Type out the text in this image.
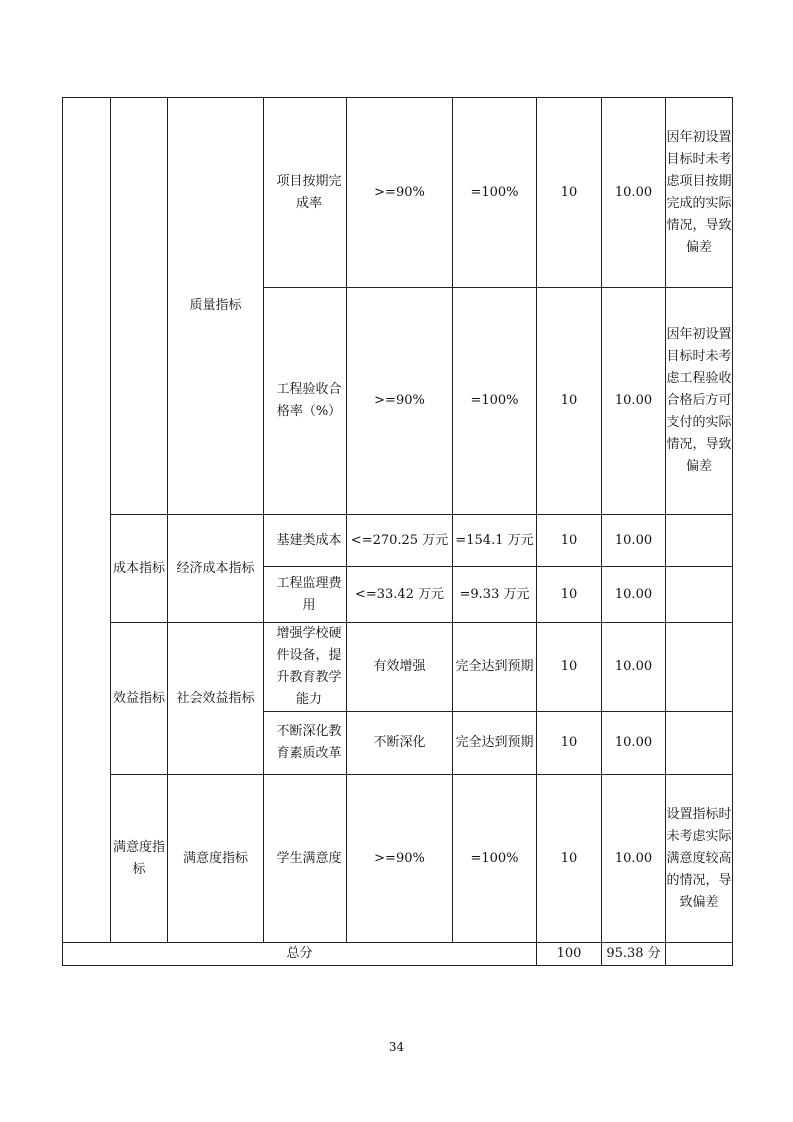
		质量指标	项目按期完成率	>=90%	=100%	10	10.00	因年初设置目标时未考虑项目按期完成的实际情况，导致偏差
			工程验收合格率（%）	>=90%	=100%	10	10.00	因年初设置目标时未考虑工程验收合格后方可支付的实际情况，导致偏差
	成本指标	经济成本指标	基建类成本	<=270.25 万元	=154.1 万元	10	10.00	
			工程监理费用	<=33.42 万元	=9.33 万元	10	10.00	
	效益指标	社会效益指标	增强学校硬件设备，提升教育教学能力	有效增强	完全达到预期	10	10.00	
			不断深化教育素质改革	不断深化	完全达到预期	10	10.00	
	满意度指标	满意度指标	学生满意度	>=90%	=100%	10	10.00	设置指标时未考虑实际满意度较高的情况，导致偏差
总分						100	95.38 分	
34
